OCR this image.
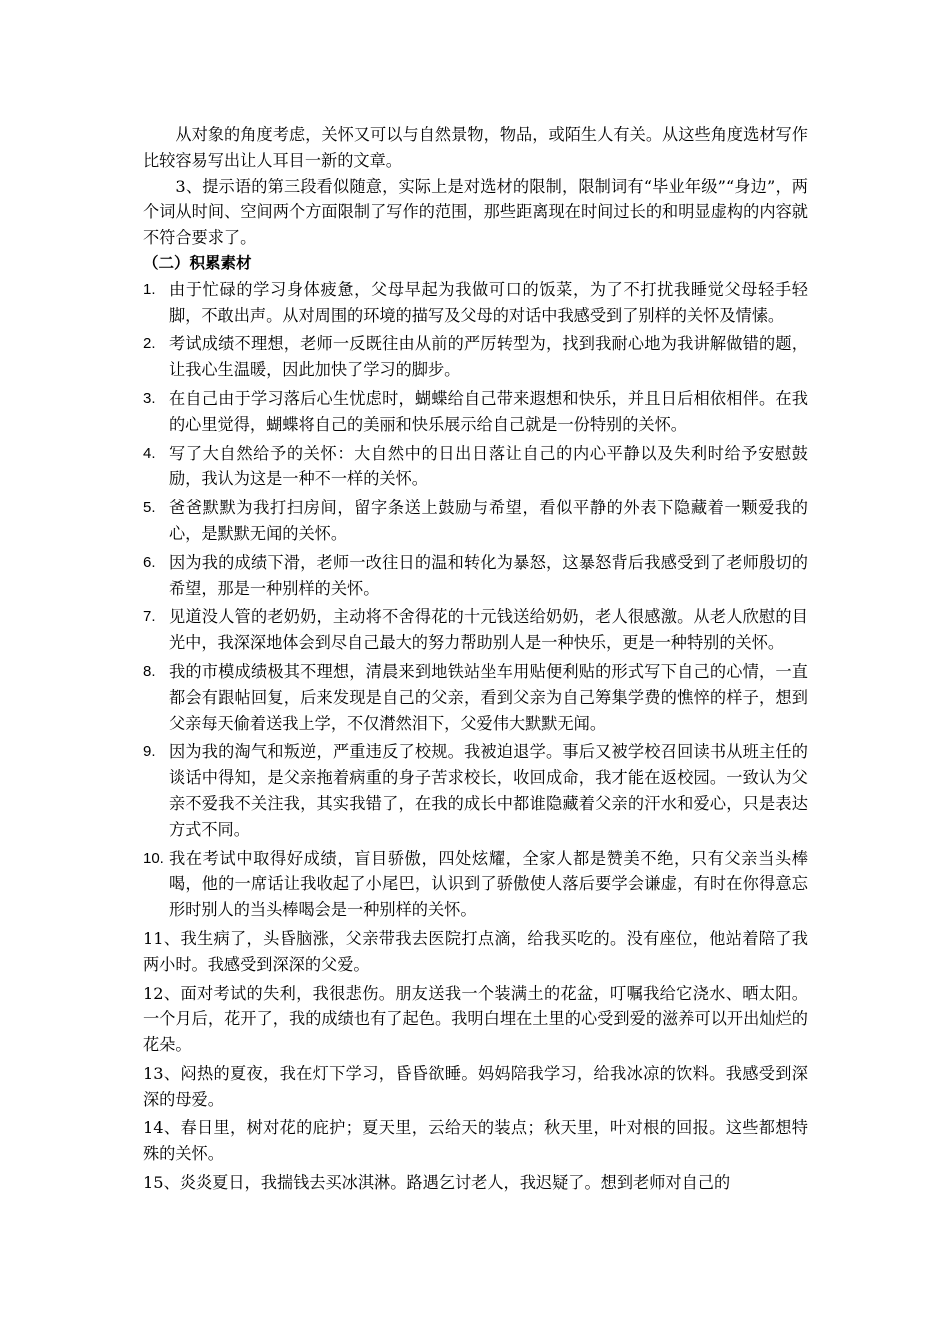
从对象的角度考虑，关怀又可以与自然景物，物品，或陌生人有关。从这些角度选材写作比较容易写出让人耳目一新的文章。

3、提示语的第三段看似随意，实际上是对选材的限制，限制词有“毕业年级”“身边”，两个词从时间、空间两个方面限制了写作的范围，那些距离现在时间过长的和明显虚构的内容就不符合要求了。

（二）积累素材

1. 由于忙碌的学习身体疲惫，父母早起为我做可口的饭菜，为了不打扰我睡觉父母轻手轻脚，不敢出声。从对周围的环境的描写及父母的对话中我感受到了别样的关怀及情愫。
2. 考试成绩不理想，老师一反既往由从前的严厉转型为，找到我耐心地为我讲解做错的题，让我心生温暖，因此加快了学习的脚步。
3. 在自己由于学习落后心生忧虑时，蝴蝶给自己带来遐想和快乐，并且日后相依相伴。在我的心里觉得，蝴蝶将自己的美丽和快乐展示给自己就是一份特别的关怀。
4. 写了大自然给予的关怀：大自然中的日出日落让自己的内心平静以及失利时给予安慰鼓励，我认为这是一种不一样的关怀。
5. 爸爸默默为我打扫房间，留字条送上鼓励与希望，看似平静的外表下隐藏着一颗爱我的心，是默默无闻的关怀。
6. 因为我的成绩下滑，老师一改往日的温和转化为暴怒，这暴怒背后我感受到了老师殷切的希望，那是一种别样的关怀。
7. 见道没人管的老奶奶，主动将不舍得花的十元钱送给奶奶，老人很感激。从老人欣慰的目光中，我深深地体会到尽自己最大的努力帮助别人是一种快乐，更是一种特别的关怀。
8. 我的市模成绩极其不理想，清晨来到地铁站坐车用贴便利贴的形式写下自己的心情，一直都会有跟帖回复，后来发现是自己的父亲，看到父亲为自己筹集学费的憔悴的样子，想到父亲每天偷着送我上学，不仅潸然泪下，父爱伟大默默无闻。
9. 因为我的淘气和叛逆，严重违反了校规。我被迫退学。事后又被学校召回读书从班主任的谈话中得知，是父亲拖着病重的身子苦求校长，收回成命，我才能在返校园。一致认为父亲不爱我不关注我，其实我错了，在我的成长中都谁隐藏着父亲的汗水和爱心，只是表达方式不同。
10. 我在考试中取得好成绩，盲目骄傲，四处炫耀，全家人都是赞美不绝，只有父亲当头棒喝，他的一席话让我收起了小尾巴，认识到了骄傲使人落后要学会谦虚，有时在你得意忘形时别人的当头棒喝会是一种别样的关怀。

11、我生病了，头昏脑涨，父亲带我去医院打点滴，给我买吃的。没有座位，他站着陪了我两小时。我感受到深深的父爱。

12、面对考试的失利，我很悲伤。朋友送我一个装满土的花盆，叮嘱我给它浇水、晒太阳。一个月后，花开了，我的成绩也有了起色。我明白埋在土里的心受到爱的滋养可以开出灿烂的花朵。

13、闷热的夏夜，我在灯下学习，昏昏欲睡。妈妈陪我学习，给我冰凉的饮料。我感受到深深的母爱。

14、春日里，树对花的庇护；夏天里，云给天的装点；秋天里，叶对根的回报。这些都想特殊的关怀。

15、炎炎夏日，我揣钱去买冰淇淋。路遇乞讨老人，我迟疑了。想到老师对自己的
